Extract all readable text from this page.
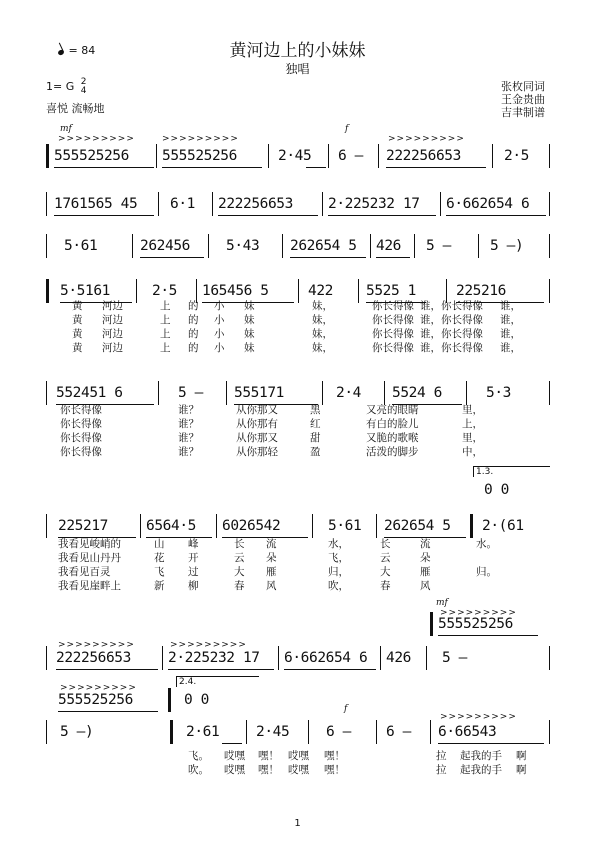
黄河边上的小妹妹
独唱
= 84
1= G 2
4
喜悦 流畅地
张枚同词
王金贵曲
吉聿制谱
mf
>>>>>>>>>	>>>>>>>>>	>>>>>>>>>
f
555525256 555525256	2·45 6 — 222256653	2·5
1761565 45 6·1 222256653 2·225232 17 6·662654 6
5·61	262456 5·43 262654 5 426 5 —	5 —)
5·5161	2·5 165456 5	422 5525 1	225216
黄 河边	上 的 小 妹	妹，	你长得像 谁，你长得像 谁，
黄 河边	上 的 小 妹	妹，	你长得像 谁，你长得像 谁，
黄 河边	上 的 小 妹	妹，	你长得像 谁，你长得像 谁，
黄 河边	上 的 小 妹	妹，	你长得像 谁，你长得像 谁，
552451 6	5 — 555171	2·4 5524 6	5·3
你长得像	谁？	从你那又	黑	又亮的眼睛	里，
你长得像	谁？	从你那有	红	有白的脸儿	上，
你长得像	谁？	从你那又	甜	又脆的歌喉	里，
你长得像	谁？	从你那轻	盈	活泼的脚步	中，
1.3.
0 0
225217	6564·5 6026542	5·61 262654 5 2·(61
我看见峻峭的	山 峰	长 流	水，	长	流	水。
我看见山丹丹	花 开	云 朵	飞，	云	朵
我看见百灵	飞 过	大 雁	归，	大	雁	归。
我看见崖畔上	新 柳	春 风	吹，	春	风
mf
>>>>>>>>>
555525256
>>>>>>>>>	>>>>>>>>>
222256653	2·225232 17 6·662654 6 426 5 —
>>>>>>>>>
555525256
2.4.
0 0
f
>>>>>>>>>
5 —)	2·61	2·45	6 — 6 — 6·66543
飞。 哎嘿 嘿！ 哎嘿 嘿！	拉 起我的手 啊
吹。 哎嘿 嘿！ 哎嘿 嘿！	拉 起我的手 啊
1
